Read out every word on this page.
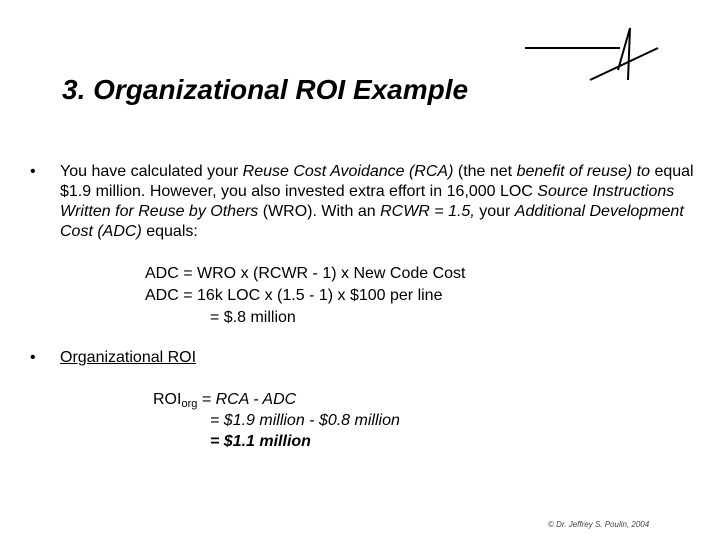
3. Organizational ROI Example
• You have calculated your Reuse Cost Avoidance (RCA) (the net benefit of reuse) to equal $1.9 million. However, you also invested extra effort in 16,000 LOC Source Instructions Written for Reuse by Others (WRO). With an RCWR = 1.5, your Additional Development Cost (ADC) equals:
ADC = WRO x (RCWR - 1) x New Code Cost
ADC = 16k LOC x (1.5 - 1) x $100 per line
= $.8 million
• Organizational ROI
$ROI_{org}$ = RCA - ADC
= $1.9 million - $0.8 million
= $1.1 million
© Dr. Jeffrey S. Poulin, 2004
